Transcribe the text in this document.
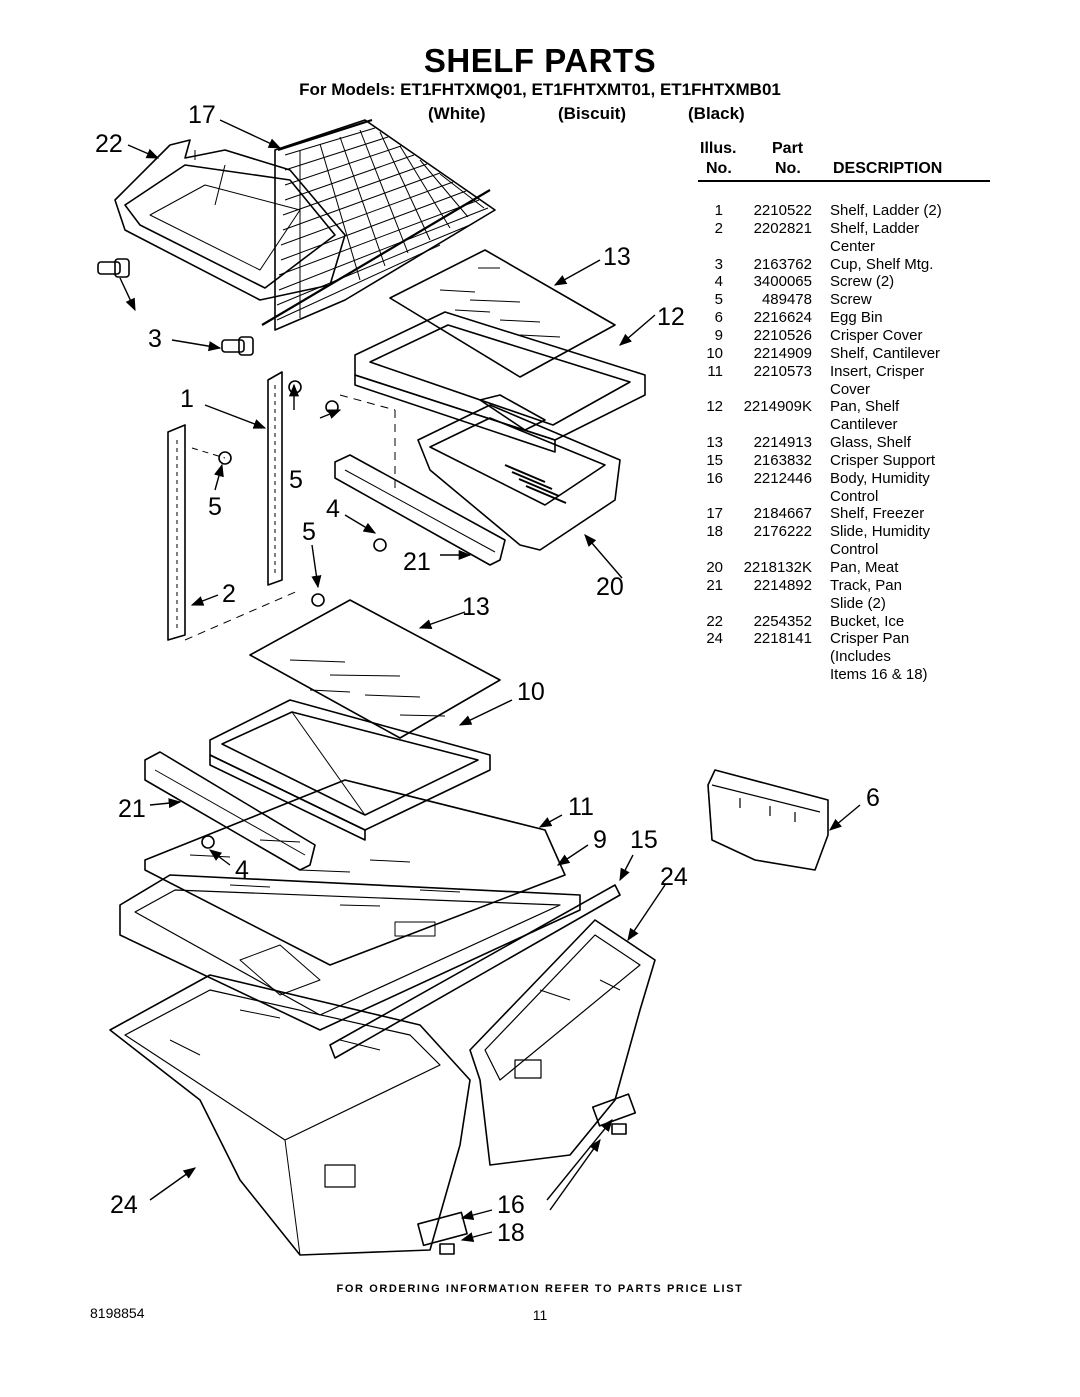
SHELF PARTS
For Models: ET1FHTXMQ01, ET1FHTXMT01, ET1FHTXMB01
(White)	(Biscuit)	(Black)
Illus.
No.
Part
No. DESCRIPTION
1	2210522 Shelf, Ladder (2)
2	2202821 Shelf, Ladder
Center
3	2163762 Cup, Shelf Mtg.
4	3400065 Screw (2)
5	489478 Screw
6	2216624 Egg Bin
9	2210526 Crisper Cover
10	2214909 Shelf, Cantilever
11	2210573 Insert, Crisper
Cover
12	2214909K Pan, Shelf
Cantilever
13	2214913 Glass, Shelf
15	2163832 Crisper Support
16	2212446 Body, Humidity
Control
17	2184667 Shelf, Freezer
18	2176222 Slide, Humidity
Control
20	2218132K Pan, Meat
21	2214892 Track, Pan
Slide (2)
22	2254352 Bucket, Ice
24	2218141 Crisper Pan
(Includes
Items 16 & 18)
17
22
13
12
3
1
5
5	4
5
21
20
2	13
10
6
21	11
9 15
4	24
24	16
18
FOR ORDERING INFORMATION REFER TO PARTS PRICE LIST
8198854	11
